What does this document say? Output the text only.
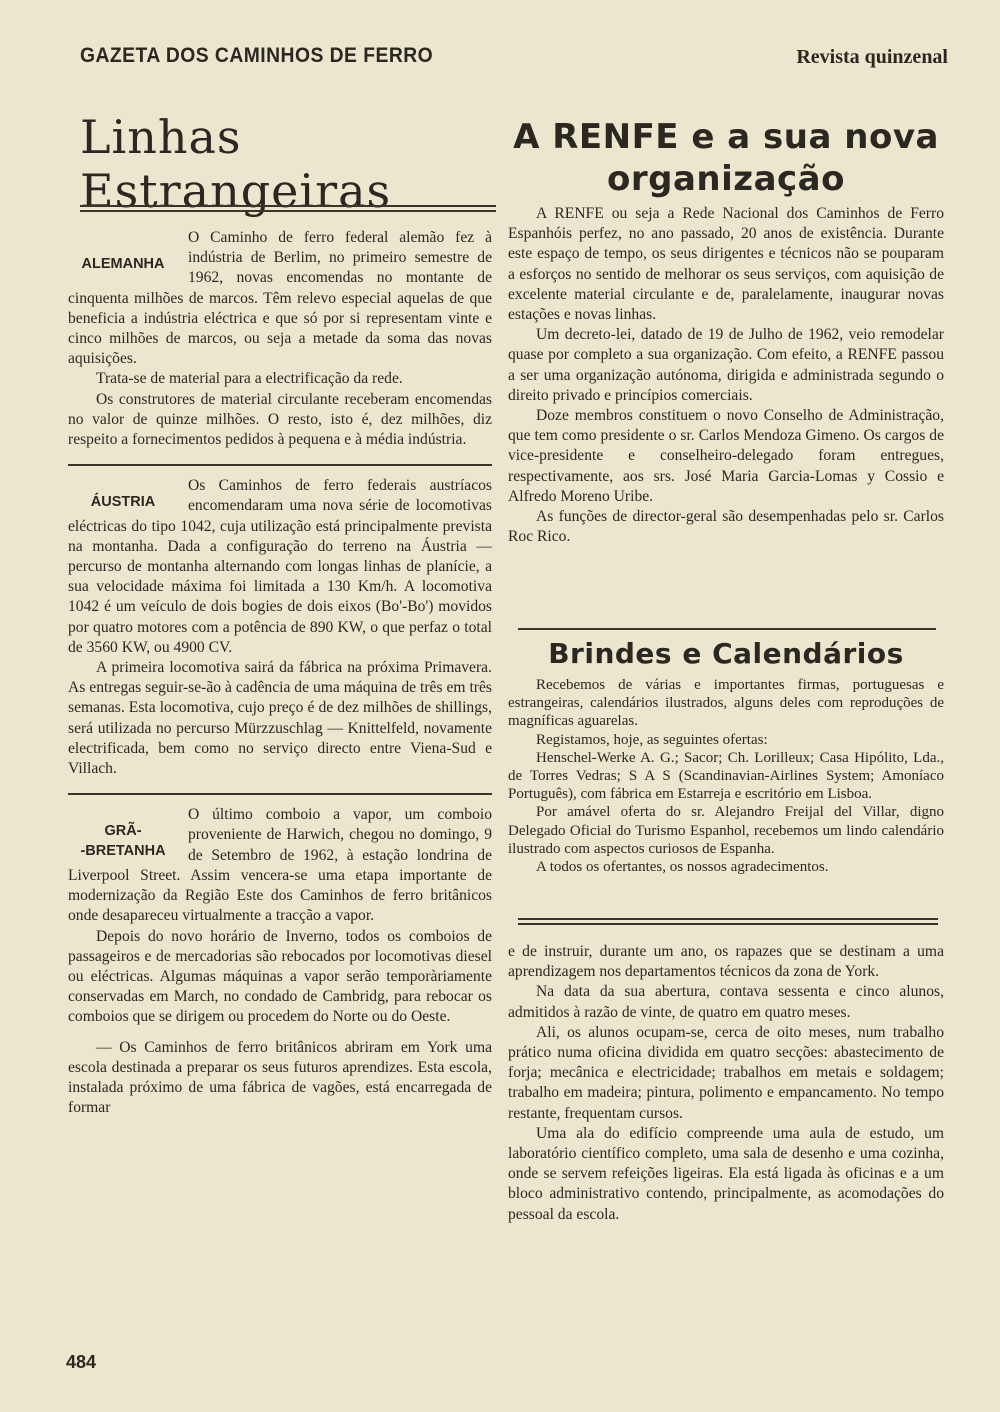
GAZETA DOS CAMINHOS DE FERRO	Revista quinzenal
Linhas Estrangeiras
ALEMANHA

O Caminho de ferro federal alemão fez à indústria de Berlim, no primeiro semestre de 1962, novas encomendas no montante de cinquenta milhões de marcos. Têm relevo especial aquelas de que beneficia a indústria eléctrica e que só por si representam vinte e cinco milhões de marcos, ou seja a metade da soma das novas aquisições.

Trata-se de material para a electrificação da rede.

Os construtores de material circulante receberam encomendas no valor de quinze milhões. O resto, isto é, dez milhões, diz respeito a fornecimentos pedidos à pequena e à média indústria.

ÁUSTRIA

Os Caminhos de ferro federais austríacos encomendaram uma nova série de locomotivas eléctricas do tipo 1042, cuja utilização está principalmente prevista na montanha. Dada a configuração do terreno na Áustria — percurso de montanha alternando com longas linhas de planície, a sua velocidade máxima foi limitada a 130 Km/h. A locomotiva 1042 é um veículo de dois bogies de dois eixos (Bo'-Bo') movidos por quatro motores com a potência de 890 KW, o que perfaz o total de 3560 KW, ou 4900 CV.

A primeira locomotiva sairá da fábrica na próxima Primavera. As entregas seguir-se-ão à cadência de uma máquina de três em três semanas. Esta locomotiva, cujo preço é de dez milhões de shillings, será utilizada no percurso Mürzzuschlag — Knittelfeld, novamente electrificada, bem como no serviço directo entre Viena-Sud e Villach.

GRÃ-
-BRETANHA

O último comboio a vapor, um comboio proveniente de Harwich, chegou no domingo, 9 de Setembro de 1962, à estação londrina de Liverpool Street. Assim vencera-se uma etapa importante de modernização da Região Este dos Caminhos de ferro britânicos onde desapareceu virtualmente a tracção a vapor.

Depois do novo horário de Inverno, todos os comboios de passageiros e de mercadorias são rebocados por locomotivas diesel ou eléctricas. Algumas máquinas a vapor serão temporàriamente conservadas em March, no condado de Cambridg, para rebocar os comboios que se dirigem ou procedem do Norte ou do Oeste.

— Os Caminhos de ferro britânicos abriram em York uma escola destinada a preparar os seus futuros aprendizes. Esta escola, instalada próximo de uma fábrica de vagões, está encarregada de formar

A RENFE e a sua nova organização

A RENFE ou seja a Rede Nacional dos Caminhos de Ferro Espanhóis perfez, no ano passado, 20 anos de existência. Durante este espaço de tempo, os seus dirigentes e técnicos não se pouparam a esforços no sentido de melhorar os seus serviços, com aquisição de excelente material circulante e de, paralelamente, inaugurar novas estações e novas linhas.

Um decreto-lei, datado de 19 de Julho de 1962, veio remodelar quase por completo a sua organização. Com efeito, a RENFE passou a ser uma organização autónoma, dirigida e administrada segundo o direito privado e princípios comerciais.

Doze membros constituem o novo Conselho de Administração, que tem como presidente o sr. Carlos Mendoza Gimeno. Os cargos de vice-presidente e conselheiro-delegado foram entregues, respectivamente, aos srs. José Maria Garcia-Lomas y Cossio e Alfredo Moreno Uribe.

As funções de director-geral são desempenhadas pelo sr. Carlos Roc Rico.

Brindes e Calendários

Recebemos de várias e importantes firmas, portuguesas e estrangeiras, calendários ilustrados, alguns deles com reproduções de magníficas aguarelas.

Registamos, hoje, as seguintes ofertas:

Henschel-Werke A. G.; Sacor; Ch. Lorilleux; Casa Hipólito, Lda., de Torres Vedras; S A S (Scandinavian-Airlines System; Amoníaco Português), com fábrica em Estarreja e escritório em Lisboa.

Por amável oferta do sr. Alejandro Freijal del Villar, digno Delegado Oficial do Turismo Espanhol, recebemos um lindo calendário ilustrado com aspectos curiosos de Espanha.

A todos os ofertantes, os nossos agradecimentos.

e de instruir, durante um ano, os rapazes que se destinam a uma aprendizagem nos departamentos técnicos da zona de York.

Na data da sua abertura, contava sessenta e cinco alunos, admitidos à razão de vinte, de quatro em quatro meses.

Ali, os alunos ocupam-se, cerca de oito meses, num trabalho prático numa oficina dividida em quatro secções: abastecimento de forja; mecânica e electricidade; trabalhos em metais e soldagem; trabalho em madeira; pintura, polimento e empancamento. No tempo restante, frequentam cursos.

Uma ala do edifício compreende uma aula de estudo, um laboratório científico completo, uma sala de desenho e uma cozinha, onde se servem refeições ligeiras. Ela está ligada às oficinas e a um bloco administrativo contendo, principalmente, as acomodações do pessoal da escola.

484
